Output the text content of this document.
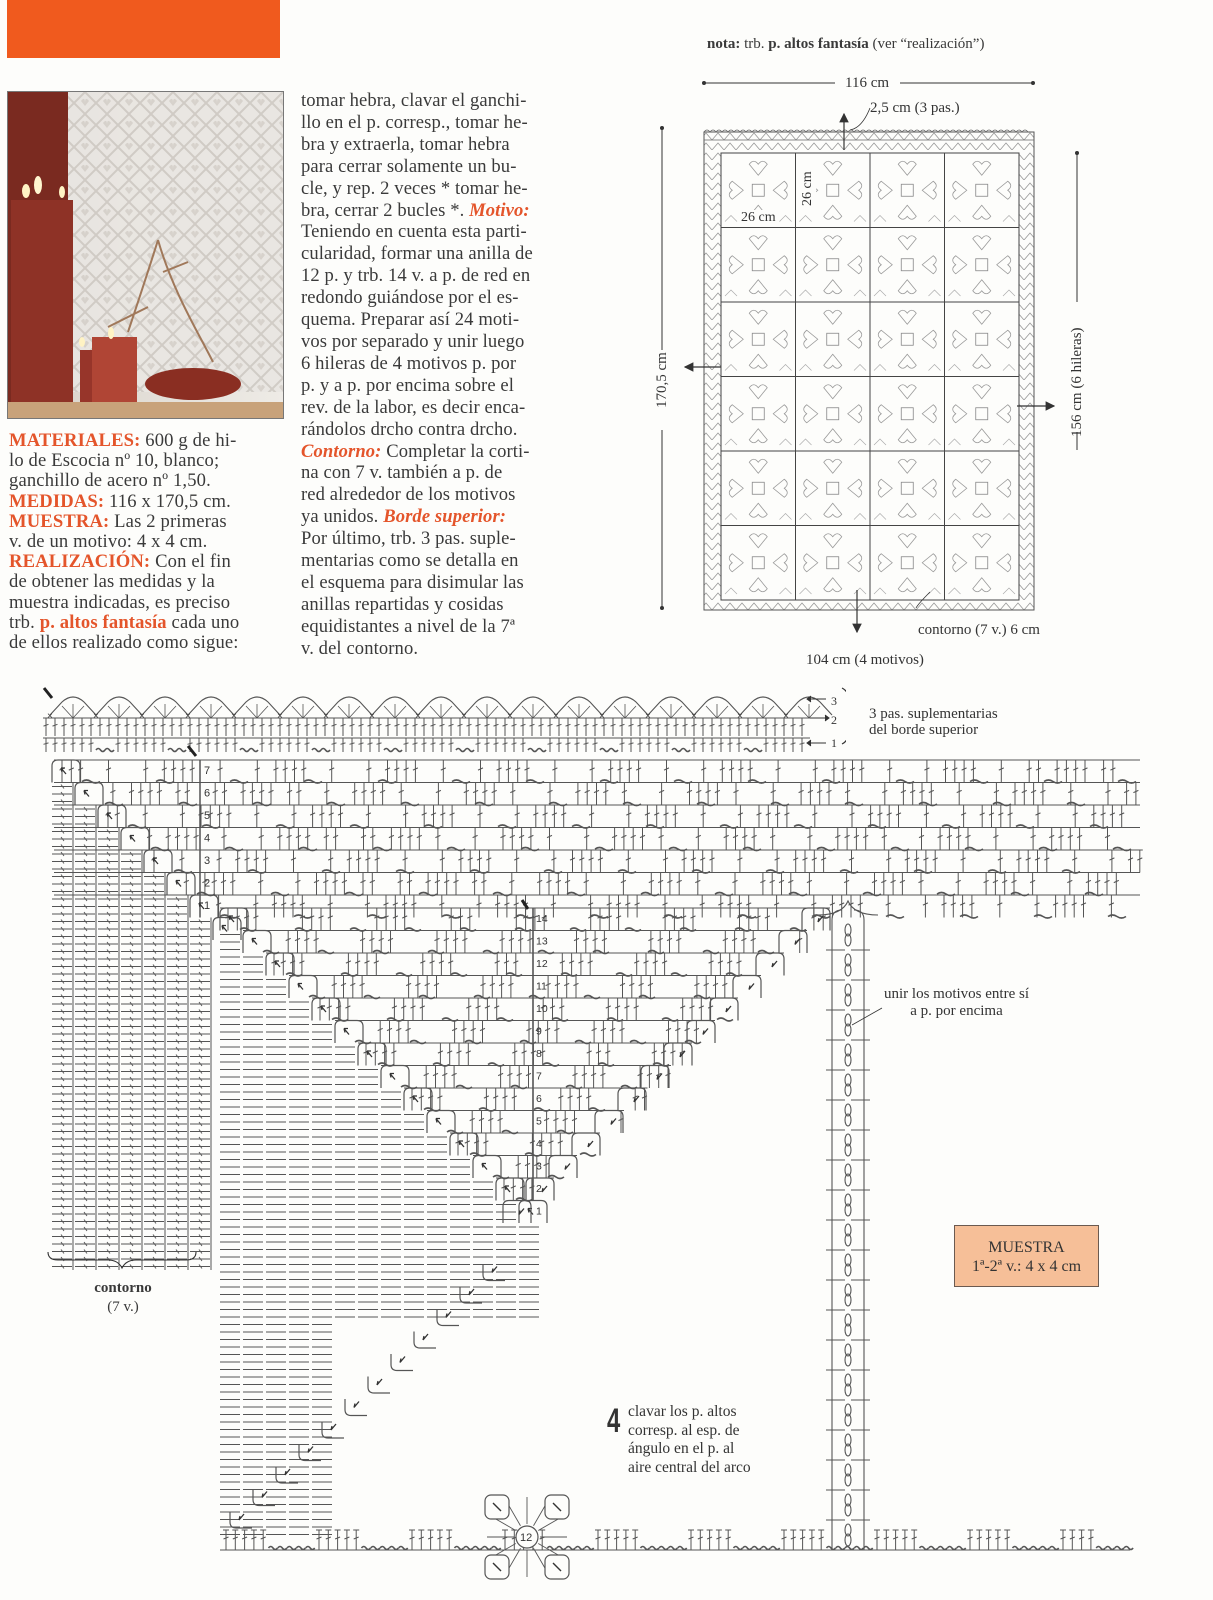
MATERIALES: 600 g de hi-

lo de Escocia nº 10, blanco;

ganchillo de acero nº 1,50.

MEDIDAS: 116 x 170,5 cm.

MUESTRA: Las 2 primeras

v. de un motivo: 4 x 4 cm.

REALIZACIÓN: Con el fin

de obtener las medidas y la

muestra indicadas, es preciso

trb. p. altos fantasía cada uno

de ellos realizado como sigue:

tomar hebra, clavar el ganchi-

llo en el p. corresp., tomar he-

bra y extraerla, tomar hebra

para cerrar solamente un bu-

cle, y rep. 2 veces * tomar he-

bra, cerrar 2 bucles *. Motivo:

Teniendo en cuenta esta parti-

cularidad, formar una anilla de

12 p. y trb. 14 v. a p. de red en

redondo guiándose por el es-

quema. Preparar así 24 moti-

vos por separado y unir luego

6 hileras de 4 motivos p. por

p. y a p. por encima sobre el

rev. de la labor, es decir enca-

rándolos drcho contra drcho.

Contorno: Completar la corti-

na con 7 v. también a p. de

red alrededor de los motivos

ya unidos. Borde superior:

Por último, trb. 3 pas. suple-

mentarias como se detalla en

el esquema para disimular las

anillas repartidas y cosidas

equidistantes a nivel de la 7ª

v. del contorno.

nota: trb. p. altos fantasía (ver “realización”)
116 cm
2,5 cm (3 pas.)
26 cm
26 cm
170,5 cm	156 cm (6 hileras)
contorno (7 v.) 6 cm
104 cm (4 motivos)
×	×	×	×	×	×	×	×	×	×	×	×	×	×	×	×	×
7
6
5
4
3
2
1
14
13
12
11
10
9
8
7
6
5
4
3
2
1
12
3
2
1
3 pas. suplementarias
del borde superior
unir los motivos entre sí
a p. por encima
contorno
(7 v.)
4 clavar los p. altos
corresp. al esp. de
ángulo en el p. al
aire central del arco
MUESTRA
1ª-2ª v.: 4 x 4 cm
